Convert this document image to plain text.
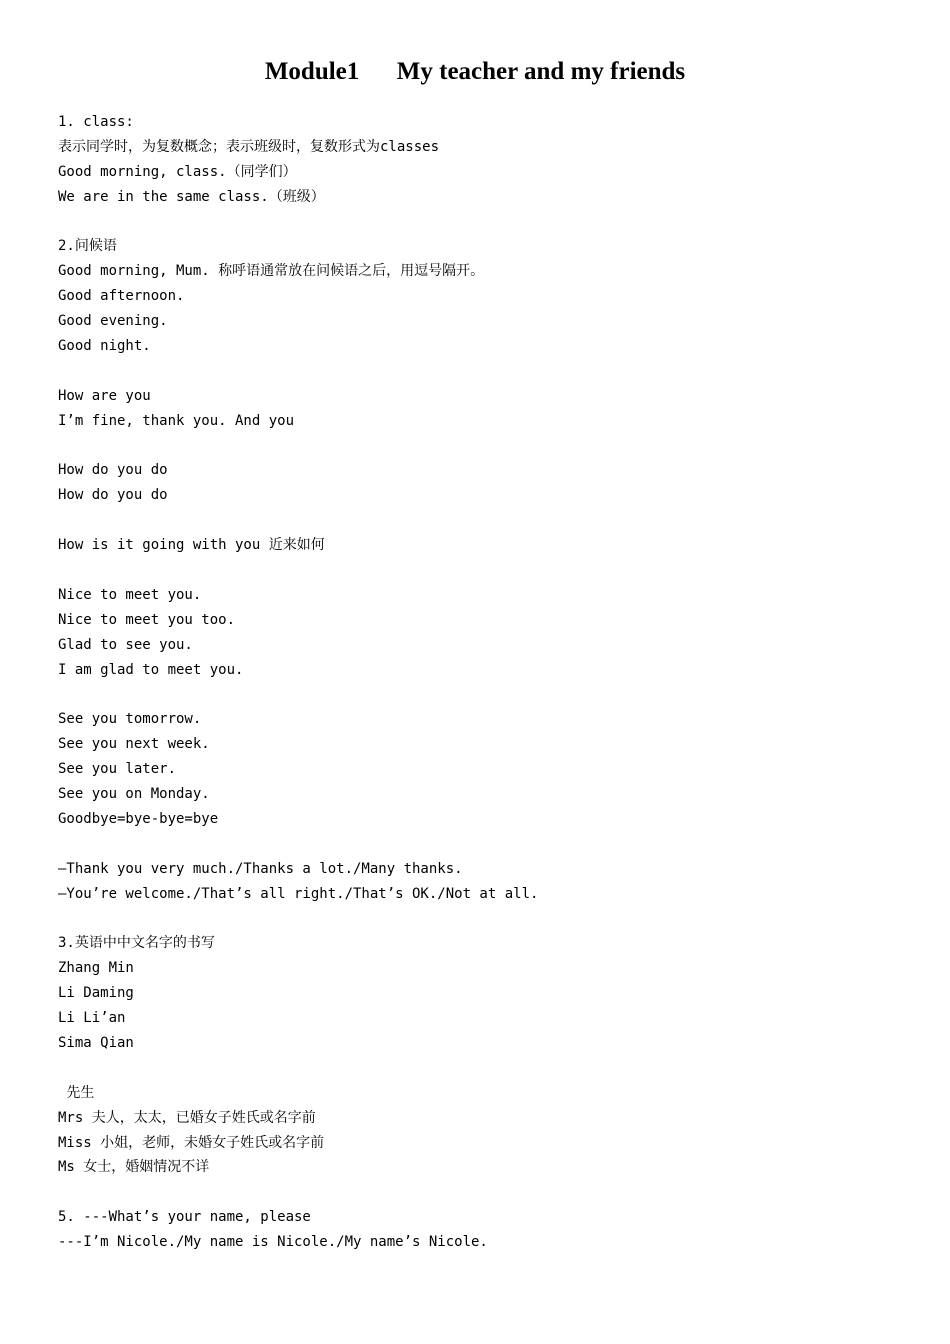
Module1      My teacher and my friends
1. class:
表示同学时，为复数概念；表示班级时，复数形式为classes
Good morning, class.（同学们）
We are in the same class.（班级）
2.问候语
Good morning, Mum. 称呼语通常放在问候语之后，用逗号隔开。
Good afternoon.
Good evening.
Good night.
How are you
I’m fine, thank you. And you
How do you do
How do you do
How is it going with you 近来如何
Nice to meet you.
Nice to meet you too.
Glad to see you.
I am glad to meet you.
See you tomorrow.
See you next week.
See you later.
See you on Monday.
Goodbye=bye-bye=bye
—Thank you very much./Thanks a lot./Many thanks.
—You’re welcome./That’s all right./That’s OK./Not at all.
3.英语中中文名字的书写
Zhang Min
Li Daming
Li Li’an
Sima Qian
先生
Mrs 夫人，太太，已婚女子姓氏或名字前
Miss 小姐，老师，未婚女子姓氏或名字前
Ms 女士，婚姻情况不详
5. ---What’s your name, please
---I’m Nicole./My name is Nicole./My name’s Nicole.
